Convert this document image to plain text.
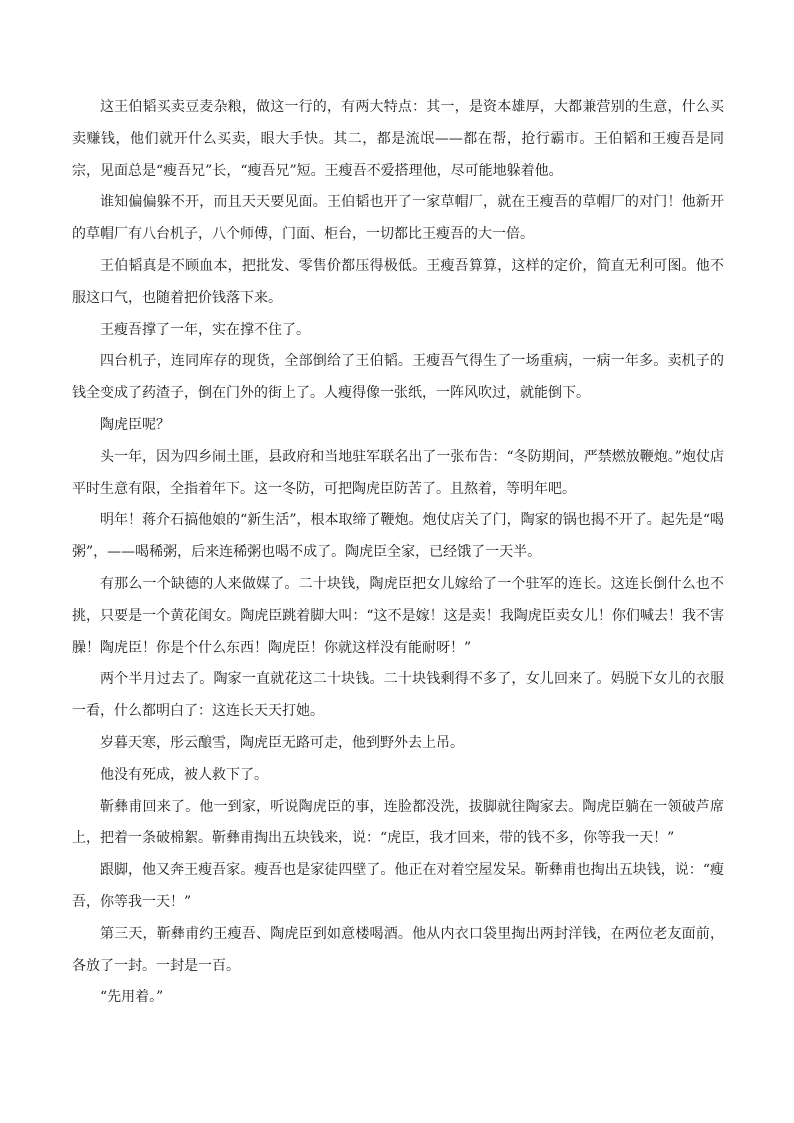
这王伯韬买卖豆麦杂粮，做这一行的，有两大特点：其一，是资本雄厚，大都兼营别的生意，什么买卖赚钱，他们就开什么买卖，眼大手快。其二，都是流氓——都在帮，抢行霸市。王伯韬和王瘦吾是同宗，见面总是“瘦吾兄”长，“瘦吾兄”短。王瘦吾不爱搭理他，尽可能地躲着他。

谁知偏偏躲不开，而且天天要见面。王伯韬也开了一家草帽厂，就在王瘦吾的草帽厂的对门！他新开的草帽厂有八台机子，八个师傅，门面、柜台，一切都比王瘦吾的大一倍。

王伯韬真是不顾血本，把批发、零售价都压得极低。王瘦吾算算，这样的定价，简直无利可图。他不服这口气，也随着把价钱落下来。

王瘦吾撑了一年，实在撑不住了。

四台机子，连同库存的现货，全部倒给了王伯韬。王瘦吾气得生了一场重病，一病一年多。卖机子的钱全变成了药渣子，倒在门外的街上了。人瘦得像一张纸，一阵风吹过，就能倒下。

陶虎臣呢？

头一年，因为四乡闹土匪，县政府和当地驻军联名出了一张布告：“冬防期间，严禁燃放鞭炮。”炮仗店平时生意有限，全指着年下。这一冬防，可把陶虎臣防苦了。且熬着，等明年吧。

明年！蒋介石搞他娘的“新生活”，根本取缔了鞭炮。炮仗店关了门，陶家的锅也揭不开了。起先是“喝粥”，——喝稀粥，后来连稀粥也喝不成了。陶虎臣全家，已经饿了一天半。

有那么一个缺德的人来做媒了。二十块钱，陶虎臣把女儿嫁给了一个驻军的连长。这连长倒什么也不挑，只要是一个黄花闺女。陶虎臣跳着脚大叫：“这不是嫁！这是卖！我陶虎臣卖女儿！你们喊去！我不害臊！陶虎臣！你是个什么东西！陶虎臣！你就这样没有能耐呀！”

两个半月过去了。陶家一直就花这二十块钱。二十块钱剩得不多了，女儿回来了。妈脱下女儿的衣服一看，什么都明白了：这连长天天打她。

岁暮天寒，彤云酿雪，陶虎臣无路可走，他到野外去上吊。

他没有死成，被人救下了。

靳彝甫回来了。他一到家，听说陶虎臣的事，连脸都没洗，拔脚就往陶家去。陶虎臣躺在一领破芦席上，把着一条破棉絮。靳彝甫掏出五块钱来，说：“虎臣，我才回来，带的钱不多，你等我一天！”

跟脚，他又奔王瘦吾家。瘦吾也是家徒四壁了。他正在对着空屋发呆。靳彝甫也掏出五块钱，说：“瘦吾，你等我一天！”

第三天，靳彝甫约王瘦吾、陶虎臣到如意楼喝酒。他从内衣口袋里掏出两封洋钱，在两位老友面前，各放了一封。一封是一百。

“先用着。”
